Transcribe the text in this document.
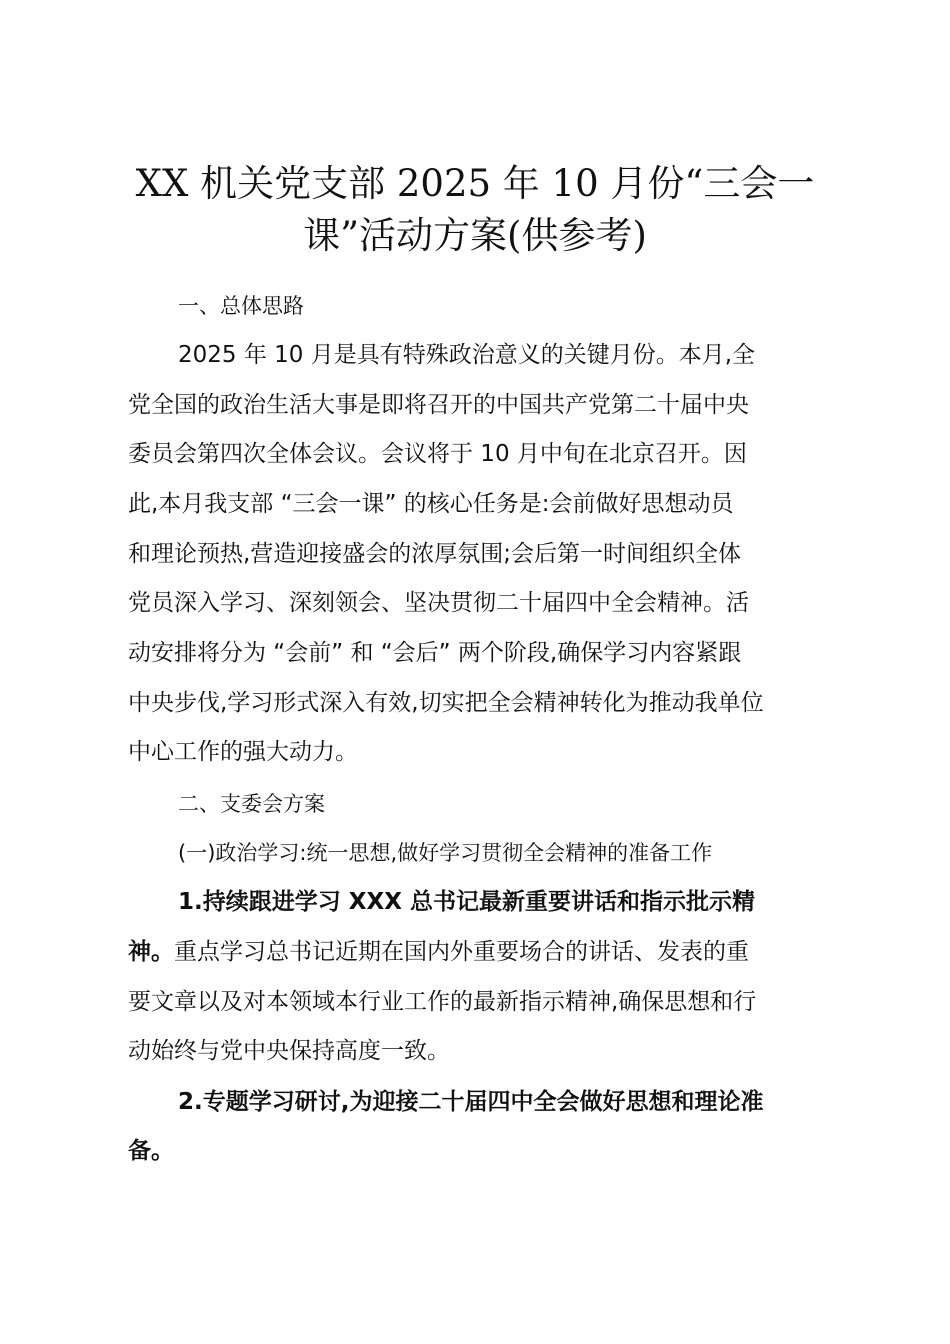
XX 机关党支部 2025 年 10 月份“三会一
课”活动方案(供参考)
一、总体思路
2025 年 10 月是具有特殊政治意义的关键月份。本月,全
党全国的政治生活大事是即将召开的中国共产党第二十届中央
委员会第四次全体会议。会议将于 10 月中旬在北京召开。因
此,本月我支部 “三会一课” 的核心任务是:会前做好思想动员
和理论预热,营造迎接盛会的浓厚氛围;会后第一时间组织全体
党员深入学习、深刻领会、坚决贯彻二十届四中全会精神。活
动安排将分为 “会前” 和 “会后” 两个阶段,确保学习内容紧跟
中央步伐,学习形式深入有效,切实把全会精神转化为推动我单位
中心工作的强大动力。
二、支委会方案
(一)政治学习:统一思想,做好学习贯彻全会精神的准备工作
1.持续跟进学习 XXX 总书记最新重要讲话和指示批示精
神。重点学习总书记近期在国内外重要场合的讲话、发表的重
要文章以及对本领域本行业工作的最新指示精神,确保思想和行
动始终与党中央保持高度一致。
2.专题学习研讨,为迎接二十届四中全会做好思想和理论准
备。
